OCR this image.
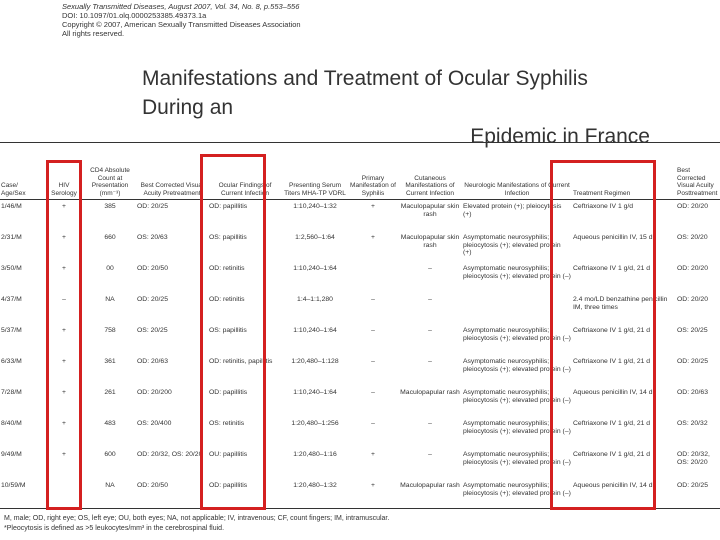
Sexually Transmitted Diseases, August 2007, Vol. 34, No. 8, p.553–556
DOI: 10.1097/01.olq.0000253385.49373.1a
Copyright © 2007, American Sexually Transmitted Diseases Association
All rights reserved.
Manifestations and Treatment of Ocular Syphilis During an
Epidemic in France
Case/ Age/Sex	HIV Serology	CD4 Absolute Count at Presentation (mm⁻³)	Best Corrected Visual Acuity Pretreatment	Ocular Findings of Current Infection	Presenting Serum Titers MHA-TP VDRL	Primary Manifestation of Syphilis	Cutaneous Manifestations of Current Infection	Neurologic Manifestations of Current Infection	Treatment Regimen	Best Corrected Visual Acuity Posttreatment
1/46/M	+	385	OD: 20/25	OD: papillitis	1:10,240–1:32	+	Maculopapular skin rash	Elevated protein (+); pleiocytosis (+)	Ceftriaxone IV 1 g/d	OD: 20/20
2/31/M	+	660	OS: 20/63	OS: papillitis	1:2,560–1:64	+	Maculopapular skin rash	Asymptomatic neurosyphilis; pleiocytosis (+); elevated protein (+)	Aqueous penicillin IV, 15 d	OS: 20/20
3/50/M	+	00	OD: 20/50	OD: retinitis	1:10,240–1:64		–	Asymptomatic neurosyphilis; pleiocytosis (+); elevated protein (–)	Ceftriaxone IV 1 g/d, 21 d	OD: 20/20
4/37/M	–	NA	OD: 20/25	OD: retinitis	1:4–1:1,280	–	–		2.4 mo/LD benzathine penicillin IM, three times	OD: 20/20
5/37/M	+	758	OS: 20/25	OS: papillitis	1:10,240–1:64	–	–	Asymptomatic neurosyphilis; pleiocytosis (+); elevated protein (–)	Ceftriaxone IV 1 g/d, 21 d	OS: 20/25
6/33/M	+	361	OD: 20/63	OD: retinitis, papillitis	1:20,480–1:128	–	–	Asymptomatic neurosyphilis; pleiocytosis (+); elevated protein (–)	Ceftriaxone IV 1 g/d, 21 d	OD: 20/25
7/28/M	+	261	OD: 20/200	OD: papillitis	1:10,240–1:64	–	Maculopapular rash	Asymptomatic neurosyphilis; pleiocytosis (+); elevated protein (–)	Aqueous penicillin IV, 14 d	OD: 20/63
8/40/M	+	483	OS: 20/400	OS: retinitis	1:20,480–1:256	–	–	Asymptomatic neurosyphilis; pleiocytosis (+); elevated protein (–)	Ceftriaxone IV 1 g/d, 21 d	OS: 20/32
9/49/M	+	600	OD: 20/32, OS: 20/20	OU: papillitis	1:20,480–1:16	+	–	Asymptomatic neurosyphilis; pleiocytosis (+); elevated protein (–)	Ceftriaxone IV 1 g/d, 21 d	OD: 20/32, OS: 20/20
10/59/M		NA	OD: 20/50	OD: papillitis	1:20,480–1:32	+	Maculopapular rash	Asymptomatic neurosyphilis; pleiocytosis (+); elevated protein (–)	Aqueous penicillin IV, 14 d	OD: 20/25
M, male; OD, right eye; OS, left eye; OU, both eyes; NA, not applicable; IV, intravenous; CF, count fingers; IM, intramuscular.
*Pleocytosis is defined as >5 leukocytes/mm³ in the cerebrospinal fluid.
